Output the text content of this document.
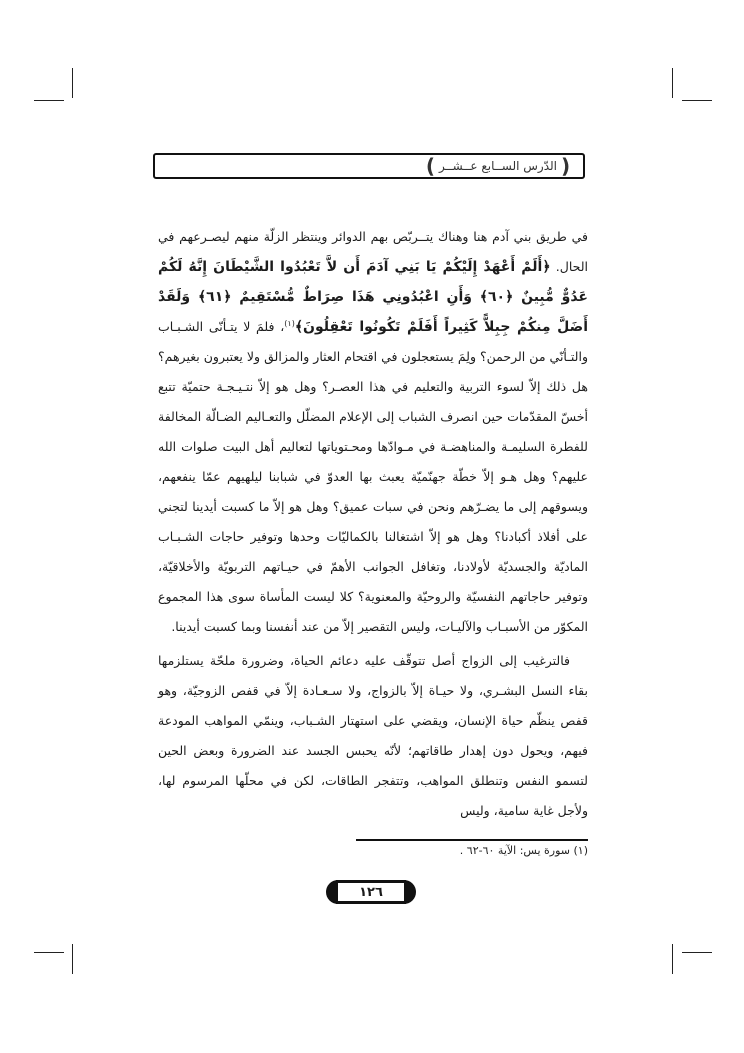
(
الدّرس الســابع عــشــر
)

في طريق بني آدم هنا وهناك يتــربّص بهم الدوائر وينتظر الزلّة منهم ليصـرعهم في الحال. ﴿أَلَمْ أَعْهَدْ إِلَيْكُمْ يَا بَنِي آدَمَ أَن لاَّ تَعْبُدُوا الشَّيْطَانَ إِنَّهُ لَكُمْ عَدُوٌّ مُّبِينٌ ﴿٦٠﴾ وَأَنِ اعْبُدُونِي هَذَا صِرَاطٌ مُّسْتَقِيمٌ ﴿٦١﴾ وَلَقَدْ أَضَلَّ مِنكُمْ جِبِلاًّ كَثِيراً أَفَلَمْ تَكُونُوا تَعْقِلُونَ﴾$^{(١)}$، فلمَ لا يتـأنّى الشـبـاب والتـأنّي من الرحمن؟ ولِمَ يستعجلون في اقتحام العثار والمزالق ولا يعتبرون بغيرهم؟ هل ذلك إلاّ لسوء التربية والتعليم في هذا العصـر؟ وهل هو إلاّ نتـيـجـة حتميّة تتبع أخسّ المقدّمات حين انصرف الشباب إلى الإعلام المضلّل والتعـاليم الضـالّة المخالفة للفطرة السليمـة والمناهضـة في مـوادّها ومحـتوياتها لتعاليم أهل البيت صلوات الله عليهم؟ وهل هـو إلاّ خطّة جهنّميّة يعبث بها العدوّ في شبابنا ليلهيهم عمّا ينفعهم، ويسوقهم إلى ما يضـرّهم ونحن في سبات عميق؟ وهل هو إلاّ ما كسبت أيدينا لتجني على أفلاذ أكبادنا؟ وهل هو إلاّ اشتغالنا بالكماليّات وحدها وتوفير حاجات الشـبـاب الماديّة والجسديّة لأولادنا، وتغافل الجوانب الأهمّ في حيـاتهم التربويّة والأخلاقيّة، وتوفير حاجاتهم النفسيّة والروحيّة والمعنوية؟ كلا ليست المأساة سوى هذا المجموع المكوّر من الأسبـاب والآليـات، وليس التقصير إلاّ من عند أنفسنا وبما كسبت أيدينا.

فالترغيب إلى الزواج أصل تتوقّف عليه دعائم الحياة، وضرورة ملحّة يستلزمها بقاء النسل البشـري، ولا حيـاة إلاّ بالزواج، ولا سـعـادة إلاّ في قفص الزوجيّة، وهو قفص ينظّم حياة الإنسان، ويقضي على استهتار الشـباب، وينمّي المواهب المودعة فيهم، ويحول دون إهدار طاقاتهم؛ لأنّه يحبس الجسد عند الضرورة وبعض الحين لتسمو النفس وتنطلق المواهب، وتتفجر الطاقات، لكن في محلّها المرسوم لها، ولأجل غاية سامية، وليس

(١) سورة يس: الآية ٦٠-٦٢ .
١٢٦
